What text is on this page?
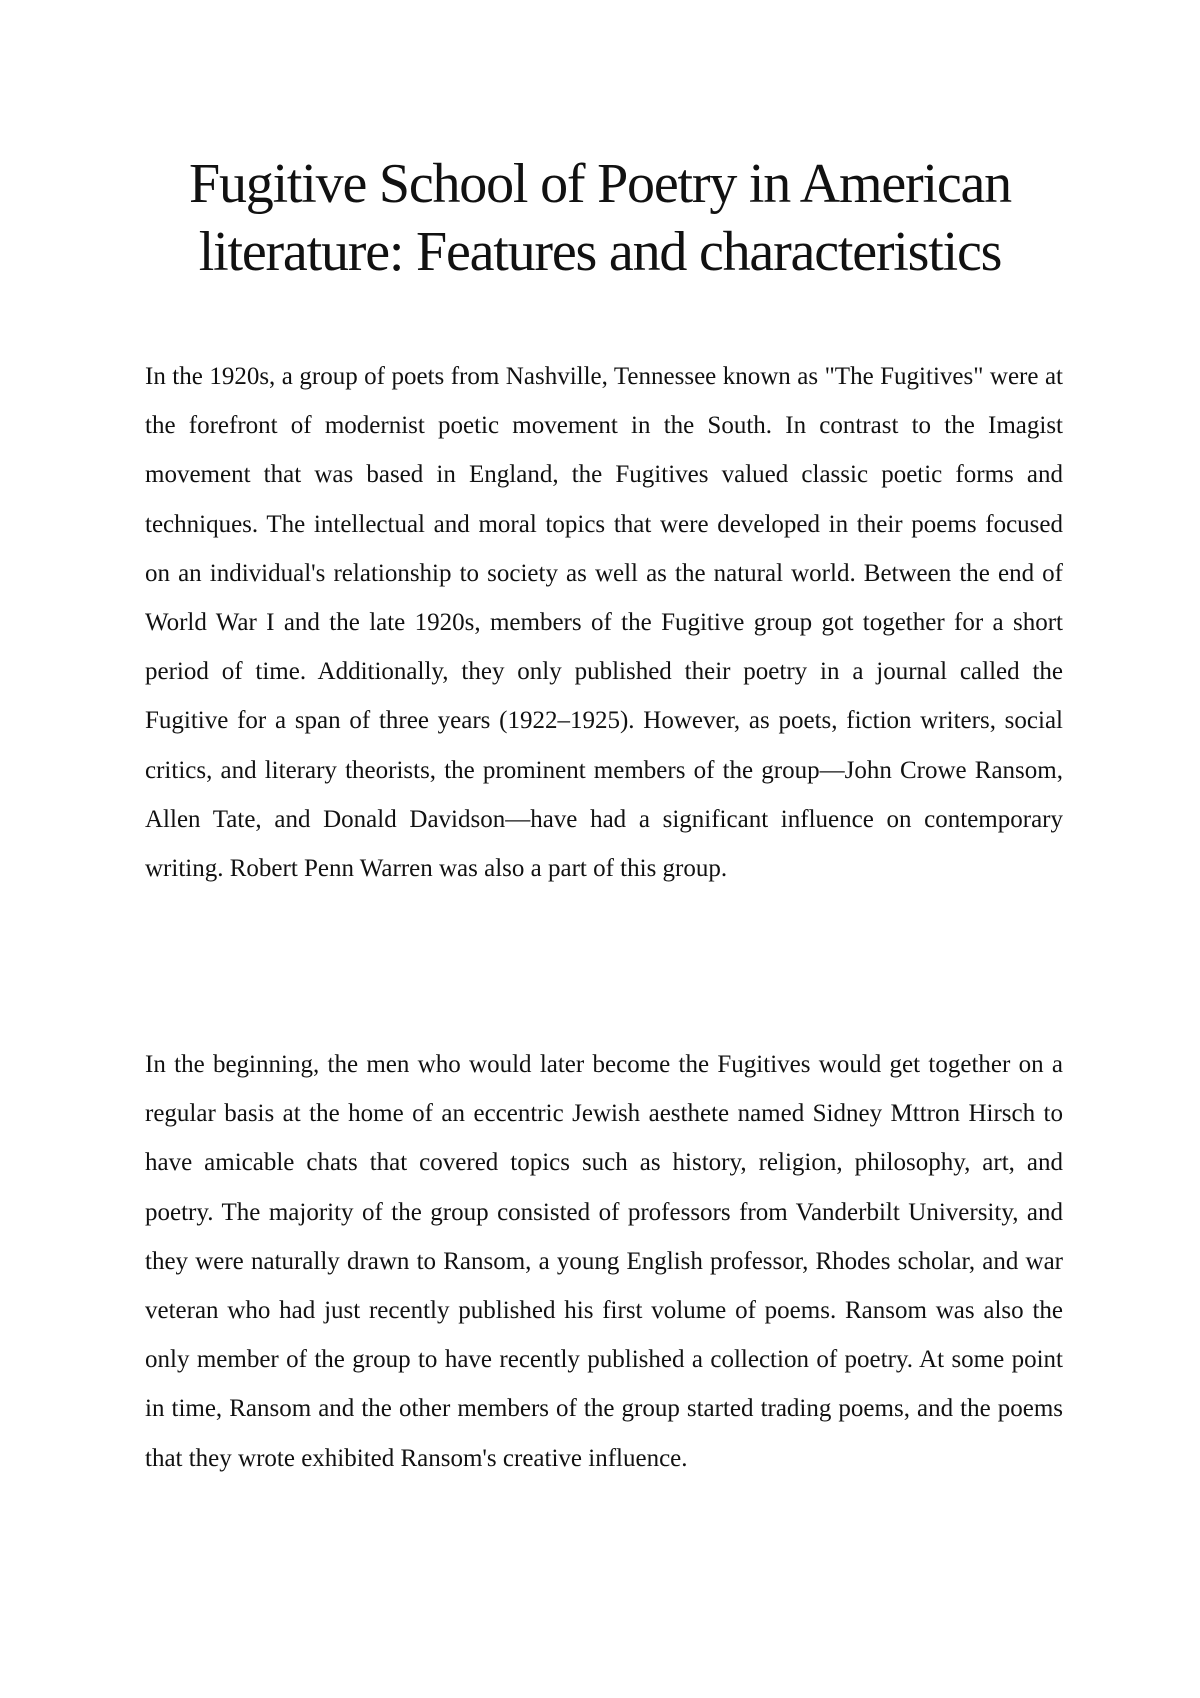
Fugitive School of Poetry in American literature: Features and characteristics

In the 1920s, a group of poets from Nashville, Tennessee known as "The Fugitives" were at the forefront of modernist poetic movement in the South. In contrast to the Imagist movement that was based in England, the Fugitives valued classic poetic forms and techniques. The intellectual and moral topics that were developed in their poems focused on an individual's relationship to society as well as the natural world. Between the end of World War I and the late 1920s, members of the Fugitive group got together for a short period of time. Additionally, they only published their poetry in a journal called the Fugitive for a span of three years (1922–1925). However, as poets, fiction writers, social critics, and literary theorists, the prominent members of the group—John Crowe Ransom, Allen Tate, and Donald Davidson—have had a significant influence on contemporary writing. Robert Penn Warren was also a part of this group.

In the beginning, the men who would later become the Fugitives would get together on a regular basis at the home of an eccentric Jewish aesthete named Sidney Mttron Hirsch to have amicable chats that covered topics such as history, religion, philosophy, art, and poetry. The majority of the group consisted of professors from Vanderbilt University, and they were naturally drawn to Ransom, a young English professor, Rhodes scholar, and war veteran who had just recently published his first volume of poems. Ransom was also the only member of the group to have recently published a collection of poetry. At some point in time, Ransom and the other members of the group started trading poems, and the poems that they wrote exhibited Ransom's creative influence.
